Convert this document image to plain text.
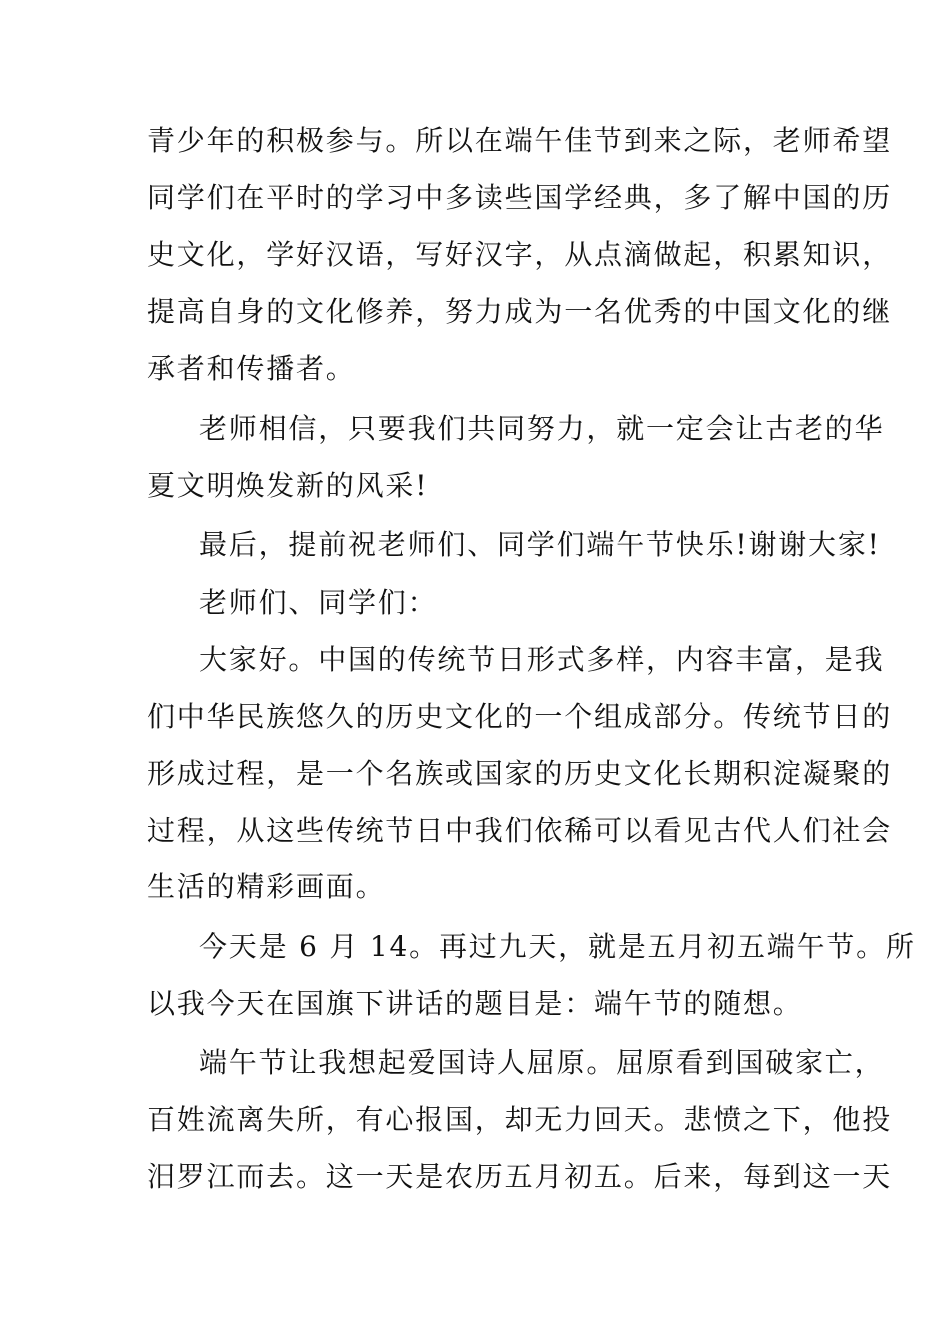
青少年的积极参与。所以在端午佳节到来之际，老师希望
同学们在平时的学习中多读些国学经典，多了解中国的历
史文化，学好汉语，写好汉字，从点滴做起，积累知识，
提高自身的文化修养，努力成为一名优秀的中国文化的继
承者和传播者。
老师相信，只要我们共同努力，就一定会让古老的华
夏文明焕发新的风采!
最后，提前祝老师们、同学们端午节快乐!谢谢大家!
老师们、同学们：
大家好。中国的传统节日形式多样，内容丰富，是我
们中华民族悠久的历史文化的一个组成部分。传统节日的
形成过程，是一个名族或国家的历史文化长期积淀凝聚的
过程，从这些传统节日中我们依稀可以看见古代人们社会
生活的精彩画面。
今天是 6 月 14。再过九天，就是五月初五端午节。所
以我今天在国旗下讲话的题目是：端午节的随想。
端午节让我想起爱国诗人屈原。屈原看到国破家亡，
百姓流离失所，有心报国，却无力回天。悲愤之下，他投
汨罗江而去。这一天是农历五月初五。后来，每到这一天
